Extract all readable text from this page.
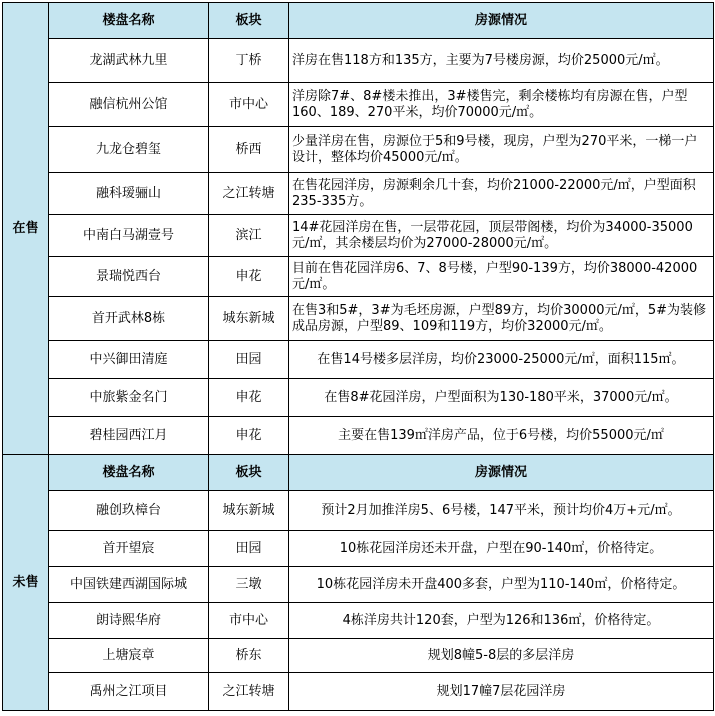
在售	楼盘名称	板块	房源情况
	龙湖武林九里	丁桥	洋房在售118方和135方，主要为7号楼房源，均价25000元/㎡。
	融信杭州公馆	市中心	洋房除7#、8#楼未推出，3#楼售完，剩余楼栋均有房源在售，户型160、189、270平米，均价70000元/㎡。
	九龙仓碧玺	桥西	少量洋房在售，房源位于5和9号楼，现房，户型为270平米，一梯一户设计，整体均价45000元/㎡。
	融科瑷骊山	之江转塘	在售花园洋房，房源剩余几十套，均价21000-22000元/㎡，户型面积235-335方。
	中南白马湖壹号	滨江	14#花园洋房在售，一层带花园，顶层带阁楼，均价为34000-35000元/㎡，其余楼层均价为27000-28000元/㎡。
	景瑞悦西台	申花	目前在售花园洋房6、7、8号楼，户型90-139方，均价38000-42000元/㎡。
	首开武林8栋	城东新城	在售3和5#，3#为毛坯房源，户型89方，均价30000元/㎡，5#为装修成品房源，户型89、109和119方，均价32000元/㎡。
	中兴御田清庭	田园	在售14号楼多层洋房，均价23000-25000元/㎡，面积115㎡。
	中旅紫金名门	申花	在售8#花园洋房，户型面积为130-180平米，37000元/㎡。
	碧桂园西江月	申花	主要在售139㎡洋房产品，位于6号楼，均价55000元/㎡
未售	楼盘名称	板块	房源情况
	融创玖樟台	城东新城	预计2月加推洋房5、6号楼，147平米，预计均价4万+元/㎡。
	首开望宸	田园	10栋花园洋房还未开盘，户型在90-140㎡，价格待定。
	中国铁建西湖国际城	三墩	10栋花园洋房未开盘400多套，户型为110-140㎡，价格待定。
	朗诗熙华府	市中心	4栋洋房共计120套，户型为126和136㎡，价格待定。
	上塘宸章	桥东	规划8幢5-8层的多层洋房
	禹州之江项目	之江转塘	规划17幢7层花园洋房
